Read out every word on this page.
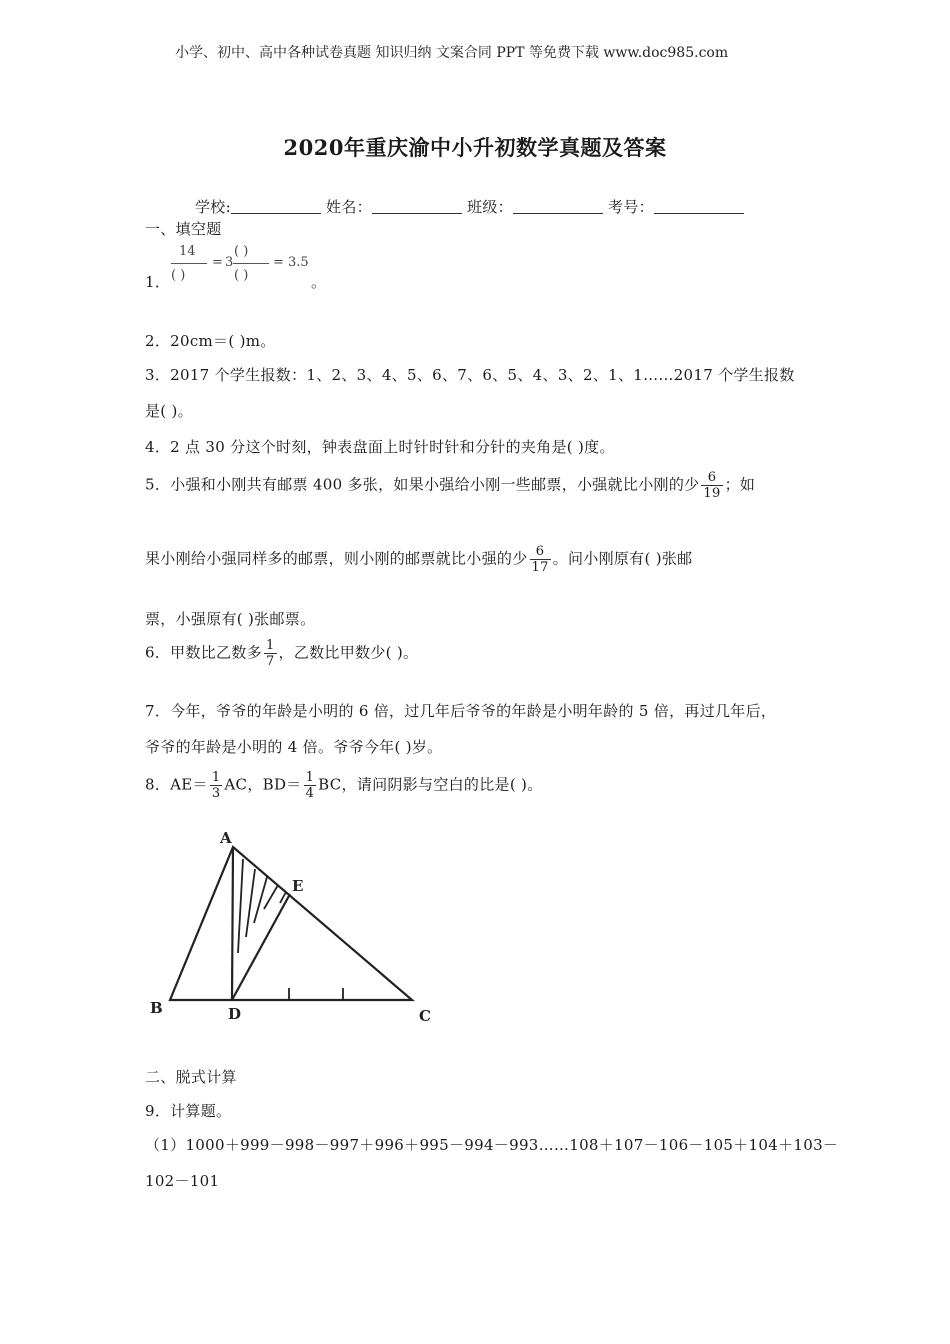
小学、初中、高中各种试卷真题 知识归纳 文案合同 PPT 等免费下载 www.doc985.com
2020年重庆渝中小升初数学真题及答案
学校:	姓名：	班级：	考号：
一、填空题
1．
14
( )
= 3
( )
( )
= 3.5
。
2．20cm＝( )m。
3．2017 个学生报数：1、2、3、4、5、6、7、6、5、4、3、2、1、1……2017 个学生报数
是( )。
4．2 点 30 分这个时刻，钟表盘面上时针时针和分针的夹角是( )度。
5．小强和小刚共有邮票 400 多张，如果小强给小刚一些邮票，小强就比小刚的少 $\frac{6}{19}$ ；如
果小刚给小强同样多的邮票，则小刚的邮票就比小强的少 $\frac{6}{17}$ 。问小刚原有( )张邮
票，小强原有( )张邮票。
6．甲数比乙数多 $\frac{1}{7}$ ，乙数比甲数少( )。
7．今年，爷爷的年龄是小明的 6 倍，过几年后爷爷的年龄是小明年龄的 5 倍，再过几年后，
爷爷的年龄是小明的 4 倍。爷爷今年( )岁。
8．$AE= \frac{1}{3}$ AC，$BD= \frac{1}{4}$ BC，请问阴影与空白的比是( )。
A
B	C
D
E
二、脱式计算
9．计算题。
（1）1000＋999－998－997＋996＋995－994－993……108＋107－106－105＋104＋103－
102－101
